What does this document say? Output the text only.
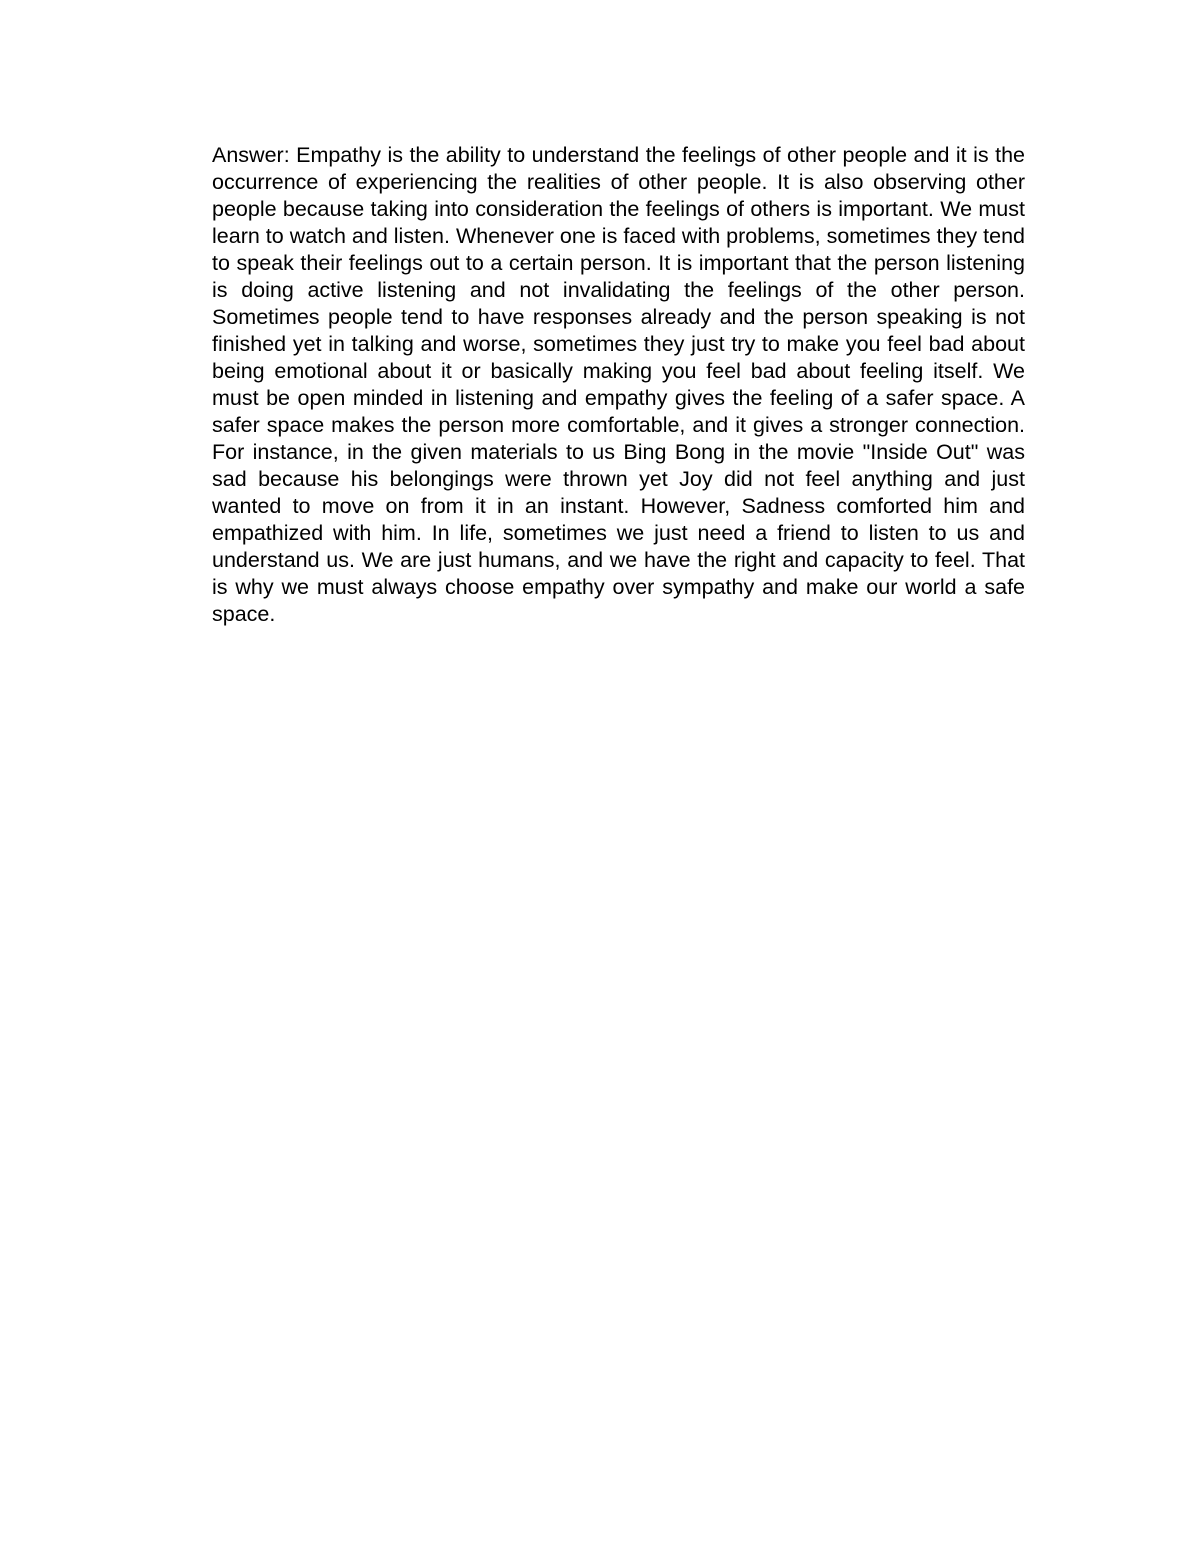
Answer: Empathy is the ability to understand the feelings of other people and it is the occurrence of experiencing the realities of other people. It is also observing other people because taking into consideration the feelings of others is important. We must learn to watch and listen. Whenever one is faced with problems, sometimes they tend to speak their feelings out to a certain person. It is important that the person listening is doing active listening and not invalidating the feelings of the other person. Sometimes people tend to have responses already and the person speaking is not finished yet in talking and worse, sometimes they just try to make you feel bad about being emotional about it or basically making you feel bad about feeling itself. We must be open minded in listening and empathy gives the feeling of a safer space. A safer space makes the person more comfortable, and it gives a stronger connection. For instance, in the given materials to us Bing Bong in the movie "Inside Out" was sad because his belongings were thrown yet Joy did not feel anything and just wanted to move on from it in an instant. However, Sadness comforted him and empathized with him. In life, sometimes we just need a friend to listen to us and understand us. We are just humans, and we have the right and capacity to feel. That is why we must always choose empathy over sympathy and make our world a safe space.
